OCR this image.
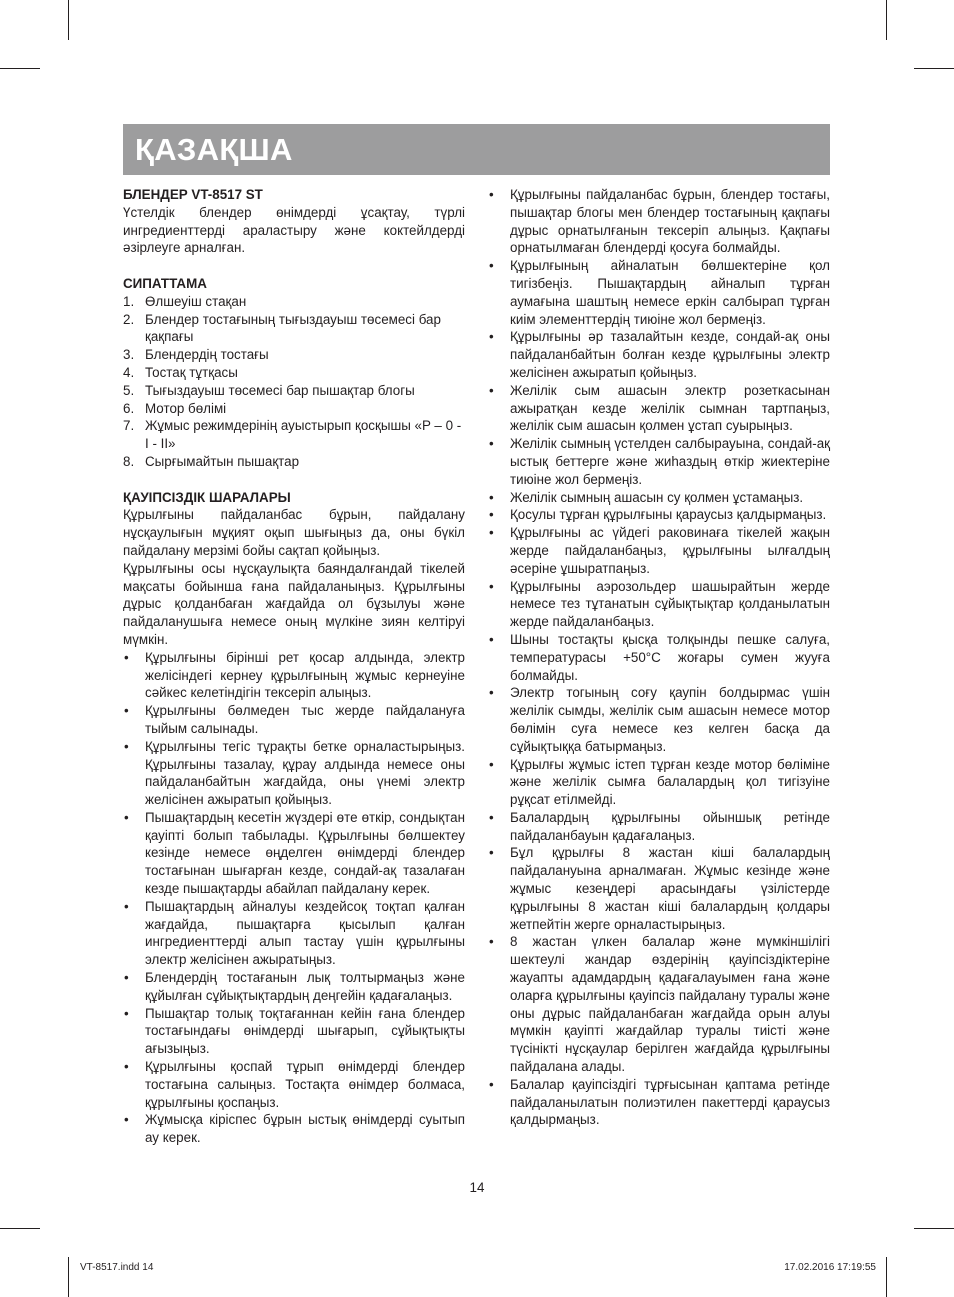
ҚАЗАҚША
БЛЕНДЕР VT-8517 ST

Үстелдік блендер өнімдерді ұсақтау, түрлі ингредиенттерді араластыру және коктейлдерді әзірлеуге арналған.

СИПАТТАМА
1. Өлшеуіш стақан
2. Блендер тостағының тығыздауыш төсемесі бар қақпағы
3. Блендердің тостағы
4. Тостақ тұтқасы
5. Тығыздауыш төсемесі бар пышақтар блогы
6. Мотор бөлімі
7. Жұмыс режимдерінің ауыстырып қосқышы «P – 0 - I - II»
8. Сырғымайтын пышақтар
ҚАУІПСІЗДІК ШАРАЛАРЫ

Құрылғыны пайдаланбас бұрын, пайдалану нұсқаулығын мұқият оқып шығыңыз да, оны бүкіл пайдалану мерзімі бойы сақтап қойыңыз.

Құрылғыны осы нұсқаулықта баяндалғандай тікелей мақсаты бойынша ғана пайдаланыңыз. Құрылғыны дұрыс қолданбаған жағдайда ол бұзылуы және пайдаланушыға немесе оның мүлкіне зиян келтіруі мүмкін.

• Құрылғыны бірінші рет қосар алдында, электр желісіндегі кернеу құрылғының жұмыс кернеуіне сәйкес келетіндігін тексеріп алыңыз.
• Құрылғыны бөлмеден тыс жерде пайдалануға тыйым салынады.
• Құрылғыны тегіс тұрақты бетке орналастырыңыз. Құрылғыны тазалау, құрау алдында немесе оны пайдаланбайтын жағдайда, оны үнемі электр желісінен ажыратып қойыңыз.
• Пышақтардың кесетін жүздері өте өткір, сондықтан қауіпті болып табылады. Құрылғыны бөлшектеу кезінде немесе өңделген өнімдерді блендер тостағынан шығарған кезде, сондай-ақ тазалаған кезде пышақтарды абайлап пайдалану керек.
• Пышақтардың айналуы кездейсоқ тоқтап қалған жағдайда, пышақтарға қысылып қалған ингредиенттерді алып тастау үшін құрылғыны электр желісінен ажыратыңыз.
• Блендердің тостағанын лық толтырмаңыз және құйылған сұйықтықтардың деңгейін қадағалаңыз.
• Пышақтар толық тоқтағаннан кейін ғана блендер тостағындағы өнімдерді шығарып, сұйықтықты ағызыңыз.
• Құрылғыны қоспай тұрып өнімдерді блендер тостағына салыңыз. Тостақта өнімдер болмаса, құрылғыны қоспаңыз.
• Жұмысқа кіріспес бұрын ыстық өнімдерді суытып ау керек.
• Құрылғыны пайдаланбас бұрын, блендер тостағы, пышақтар блогы мен блендер тостағының қақпағы дұрыс орнатылғанын тексеріп алыңыз. Қақпағы орнатылмаған блендерді қосуға болмайды.
• Құрылғының айналатын бөлшектеріне қол тигізбеңіз. Пышақтардың айналып тұрған аумағына шаштың немесе еркін салбырап тұрған киім элементтердің тиюіне жол бермеңіз.
• Құрылғыны әр тазалайтын кезде, сондай-ақ оны пайдаланбайтын болған кезде құрылғыны электр желісінен ажыратып қойыңыз.
• Желілік сым ашасын электр розеткасынан ажыратқан кезде желілік сымнан тартпаңыз, желілік сым ашасын қолмен ұстап суырыңыз.
• Желілік сымның үстелден салбырауына, сондай-ақ ыстық беттерге және жиһаздың өткір жиектеріне тиюіне жол бермеңіз.
• Желілік сымның ашасын су қолмен ұстамаңыз.
• Қосулы тұрған құрылғыны қараусыз қалдырмаңыз.
• Құрылғыны ас үйдегі раковинаға тікелей жақын жерде пайдаланбаңыз, құрылғыны ылғалдың әсеріне ұшыратпаңыз.
• Құрылғыны аэрозольдер шашырайтын жерде немесе тез тұтанатын сұйықтықтар қолданылатын жерде пайдаланбаңыз.
• Шыны тостақты қысқа толқынды пешке салуға, температурасы +50°С жоғары сумен жууға болмайды.
• Электр тогының соғу қаупін болдырмас үшін желілік сымды, желілік сым ашасын немесе мотор бөлімін суға немесе кез келген басқа да сұйықтыққа батырмаңыз.
• Құрылғы жұмыс істеп тұрған кезде мотор бөліміне және желілік сымға балалардың қол тигізуіне рұқсат етілмейді.
• Балалардың құрылғыны ойыншық ретінде пайдаланбауын қадағалаңыз.
• Бұл құрылғы 8 жастан кіші балалардың пайдалануына арналмаған. Жұмыс кезінде және жұмыс кезеңдері арасындағы үзілістерде құрылғыны 8 жастан кіші балалардың қолдары жетпейтін жерге орналастырыңыз.
• 8 жастан үлкен балалар және мүмкіншілігі шектеулі жандар өздерінің қауіпсіздіктеріне жауапты адамдардың қадағалауымен ғана және оларға құрылғыны қауіпсіз пайдалану туралы және оны дұрыс пайдаланбаған жағдайда орын алуы мүмкін қауіпті жағдайлар туралы тиісті және түсінікті нұсқаулар берілген жағдайда құрылғыны пайдалана алады.
• Балалар қауіпсіздігі тұрғысынан қаптама ретінде пайдаланылатын полиэтилен пакеттерді қараусыз қалдырмаңыз.
14
VT-8517.indd 14	17.02.2016 17:19:55
